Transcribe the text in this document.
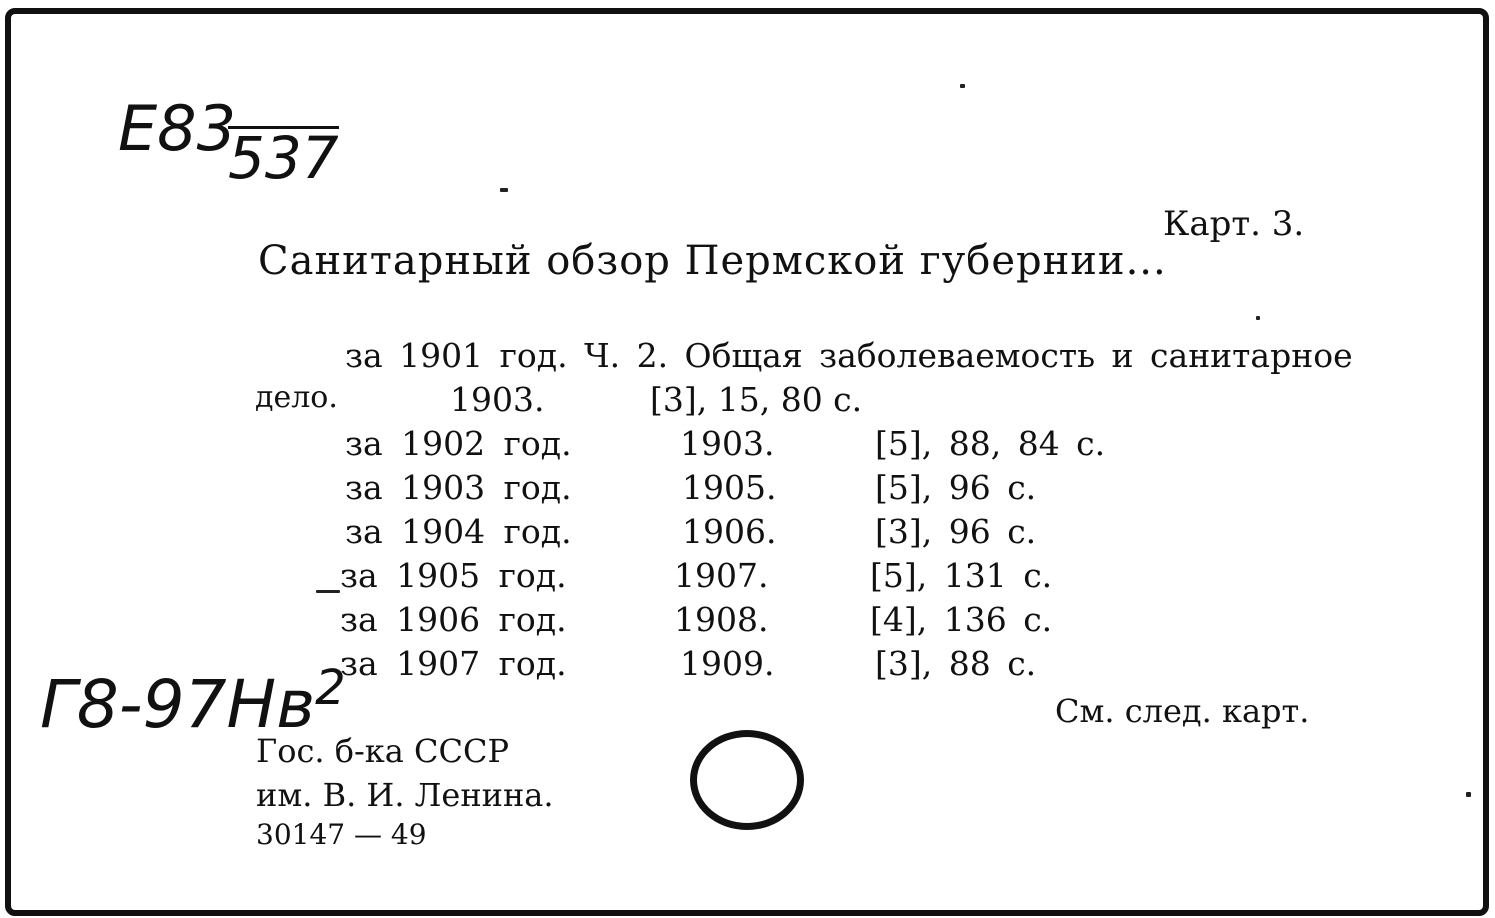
E83
537
Карт. 3.
Санитарный обзор Пермской губернии...
за 1901 год. Ч. 2. Общая заболеваемость и санитарное
дело.	1903.	[3], 15, 80 с.
за 1902 год.	1903.	[5], 88, 84 с.
за 1903 год.	1905.	[5], 96 с.
за 1904 год.	1906.	[3], 96 с.
за 1905 год.	1907.	[5], 131 с.
за 1906 год.	1908.	[4], 136 с.
за 1907 год.	1909.	[3], 88 с.
См. след. карт.
$Г8-97Нв^2$
Гос. б-ка СССР
им. В. И. Ленина.
30147 — 49
